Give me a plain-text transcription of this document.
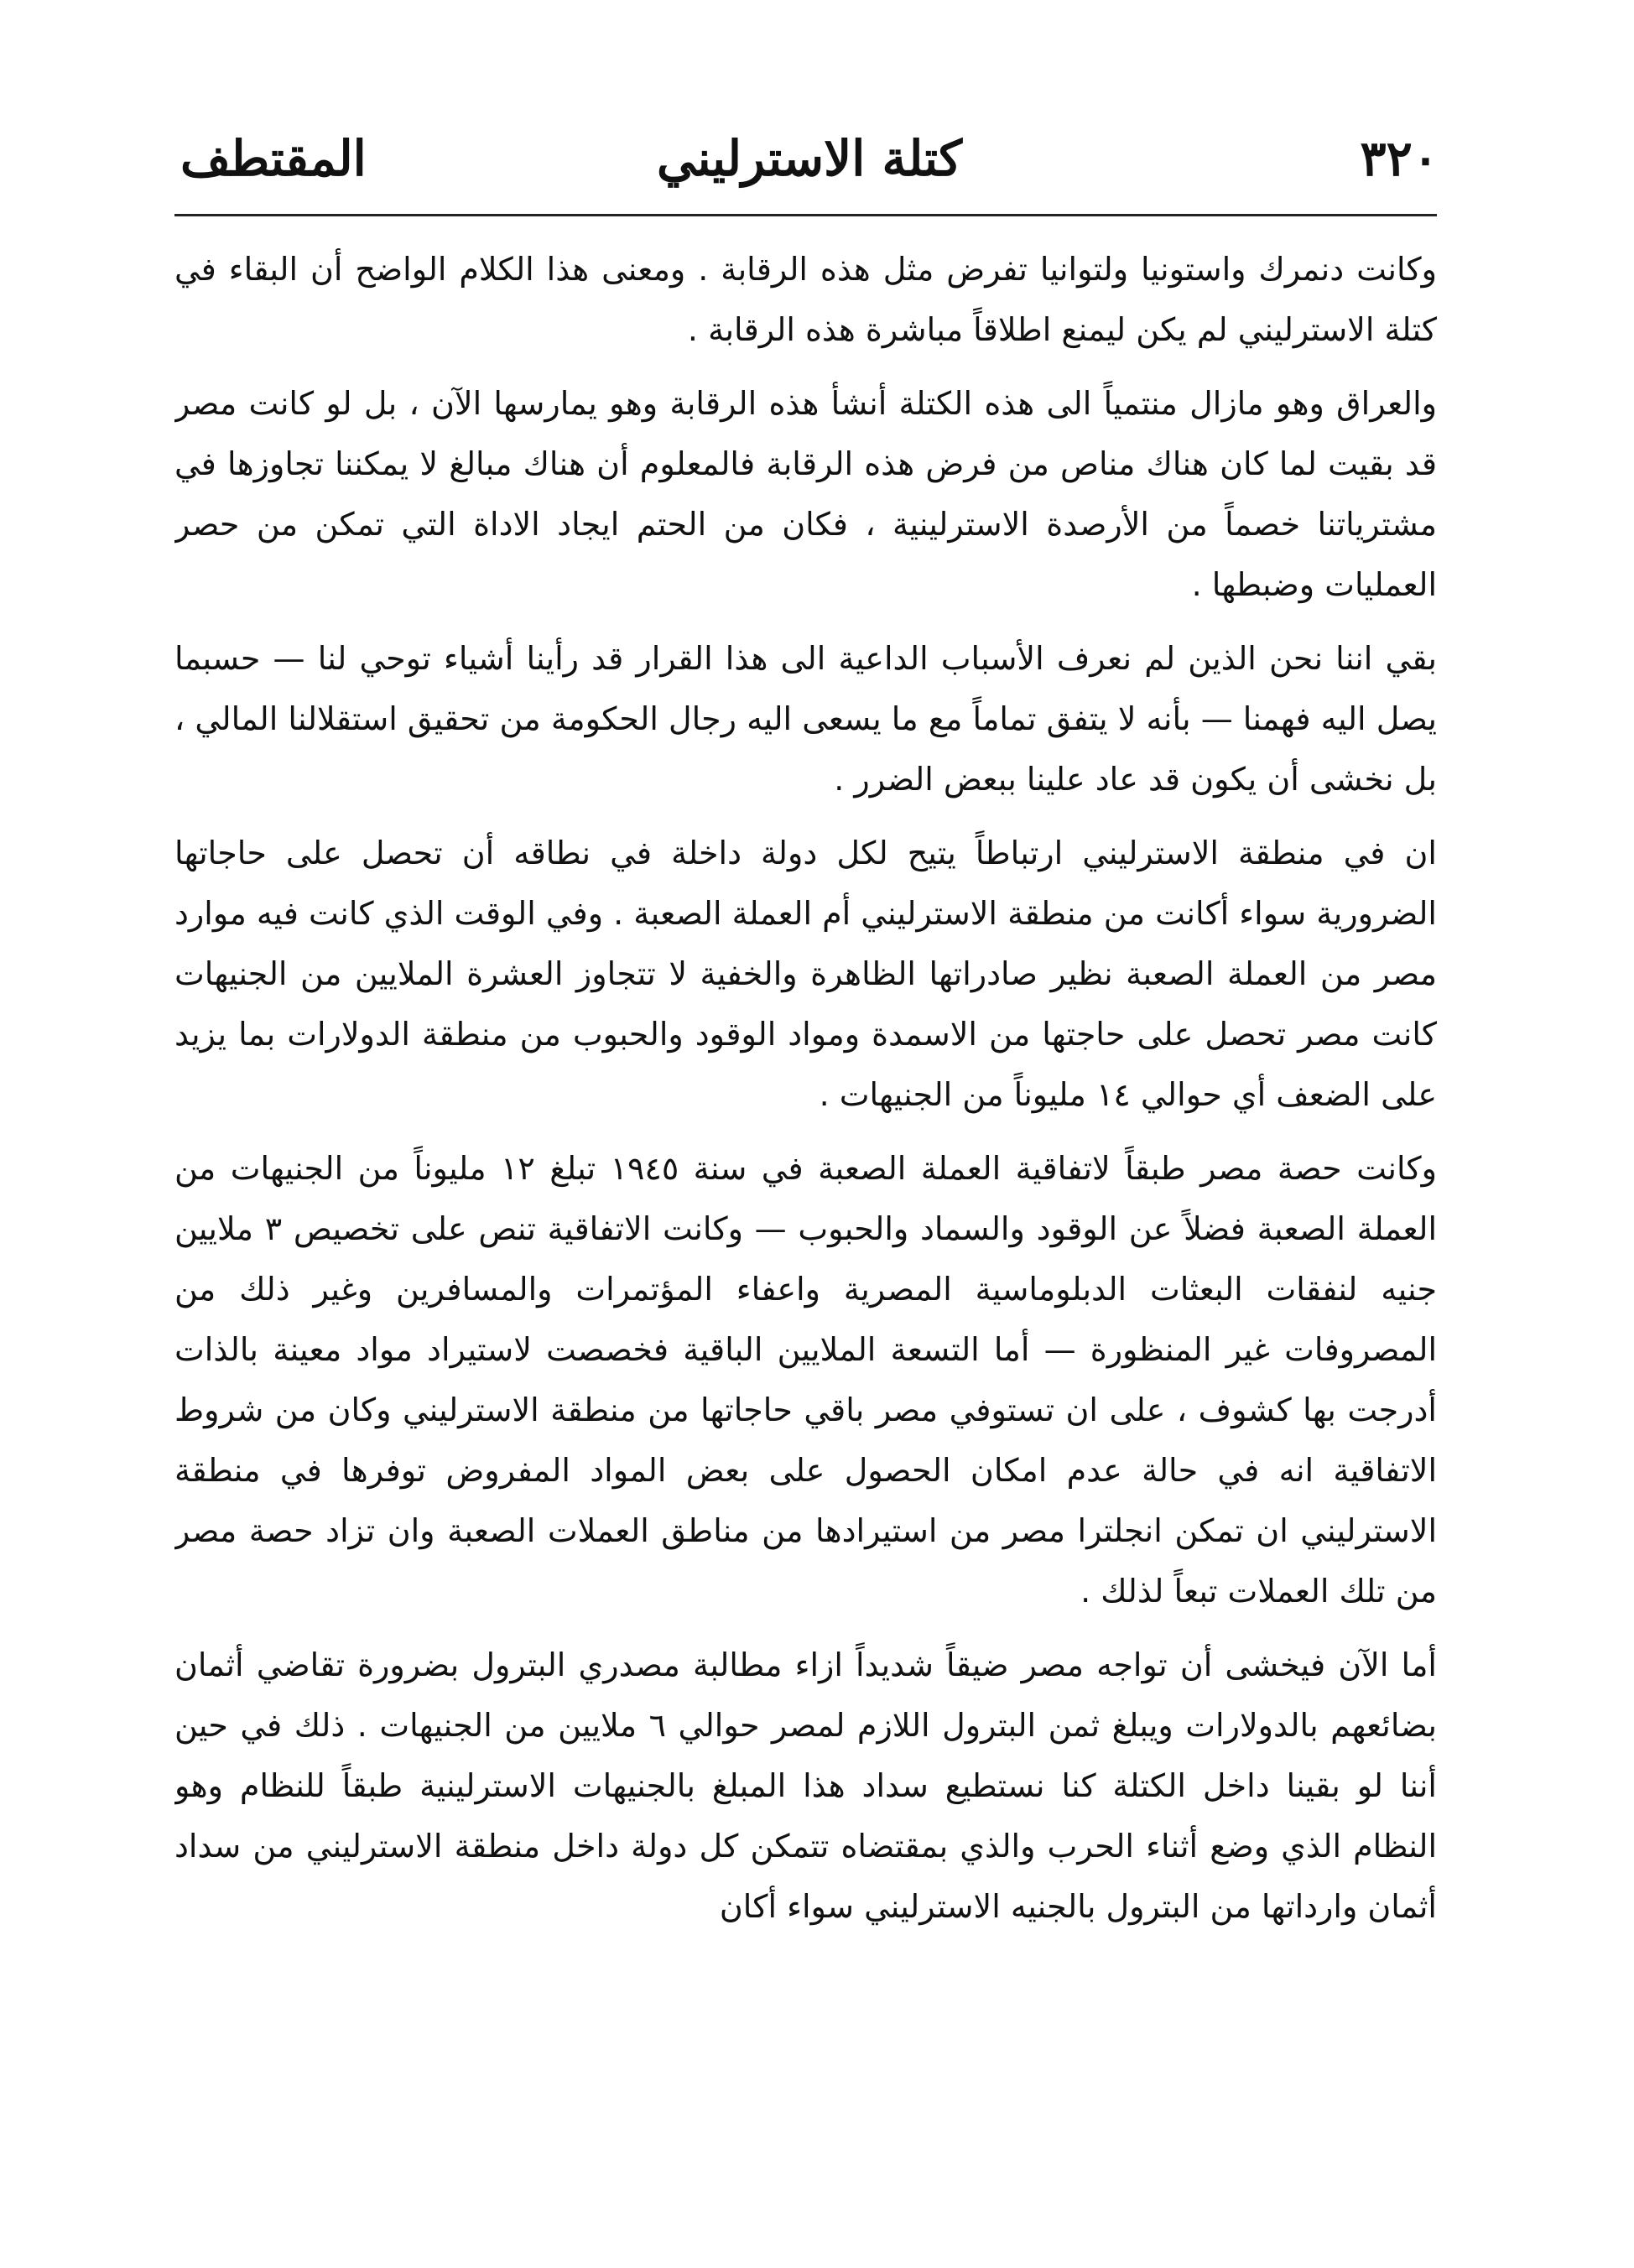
٣٢٠
كتلة الاسترليني
المقتطف

وكانت دنمرك واستونيا ولتوانيا تفرض مثل هذه الرقابة . ومعنى هذا الكلام الواضح أن البقاء في كتلة الاسترليني لم يكن ليمنع اطلاقاً مباشرة هذه الرقابة .

والعراق وهو مازال منتمياً الى هذه الكتلة أنشأ هذه الرقابة وهو يمارسها الآن ، بل لو كانت مصر قد بقيت لما كان هناك مناص من فرض هذه الرقابة فالمعلوم أن هناك مبالغ لا يمكننا تجاوزها في مشترياتنا خصماً من الأرصدة الاسترلينية ، فكان من الحتم ايجاد الاداة التي تمكن من حصر العمليات وضبطها .

بقي اننا نحن الذين لم نعرف الأسباب الداعية الى هذا القرار قد رأينا أشياء توحي لنا — حسبما يصل اليه فهمنا — بأنه لا يتفق تماماً مع ما يسعى اليه رجال الحكومة من تحقيق استقلالنا المالي ، بل نخشى أن يكون قد عاد علينا ببعض الضرر .

ان في منطقة الاسترليني ارتباطاً يتيح لكل دولة داخلة في نطاقه أن تحصل على حاجاتها الضرورية سواء أكانت من منطقة الاسترليني أم العملة الصعبة . وفي الوقت الذي كانت فيه موارد مصر من العملة الصعبة نظير صادراتها الظاهرة والخفية لا تتجاوز العشرة الملايين من الجنيهات كانت مصر تحصل على حاجتها من الاسمدة ومواد الوقود والحبوب من منطقة الدولارات بما يزيد على الضعف أي حوالي ١٤ مليوناً من الجنيهات .

وكانت حصة مصر طبقاً لاتفاقية العملة الصعبة في سنة ١٩٤٥ تبلغ ١٢ مليوناً من الجنيهات من العملة الصعبة فضلاً عن الوقود والسماد والحبوب — وكانت الاتفاقية تنص على تخصيص ٣ ملايين جنيه لنفقات البعثات الدبلوماسية المصرية واعفاء المؤتمرات والمسافرين وغير ذلك من المصروفات غير المنظورة — أما التسعة الملايين الباقية فخصصت لاستيراد مواد معينة بالذات أدرجت بها كشوف ، على ان تستوفي مصر باقي حاجاتها من منطقة الاسترليني وكان من شروط الاتفاقية انه في حالة عدم امكان الحصول على بعض المواد المفروض توفرها في منطقة الاسترليني ان تمكن انجلترا مصر من استيرادها من مناطق العملات الصعبة وان تزاد حصة مصر من تلك العملات تبعاً لذلك .

أما الآن فيخشى أن تواجه مصر ضيقاً شديداً ازاء مطالبة مصدري البترول بضرورة تقاضي أثمان بضائعهم بالدولارات ويبلغ ثمن البترول اللازم لمصر حوالي ٦ ملايين من الجنيهات . ذلك في حين أننا لو بقينا داخل الكتلة كنا نستطيع سداد هذا المبلغ بالجنيهات الاسترلينية طبقاً للنظام وهو النظام الذي وضع أثناء الحرب والذي بمقتضاه تتمكن كل دولة داخل منطقة الاسترليني من سداد أثمان وارداتها من البترول بالجنيه الاسترليني سواء أكان
